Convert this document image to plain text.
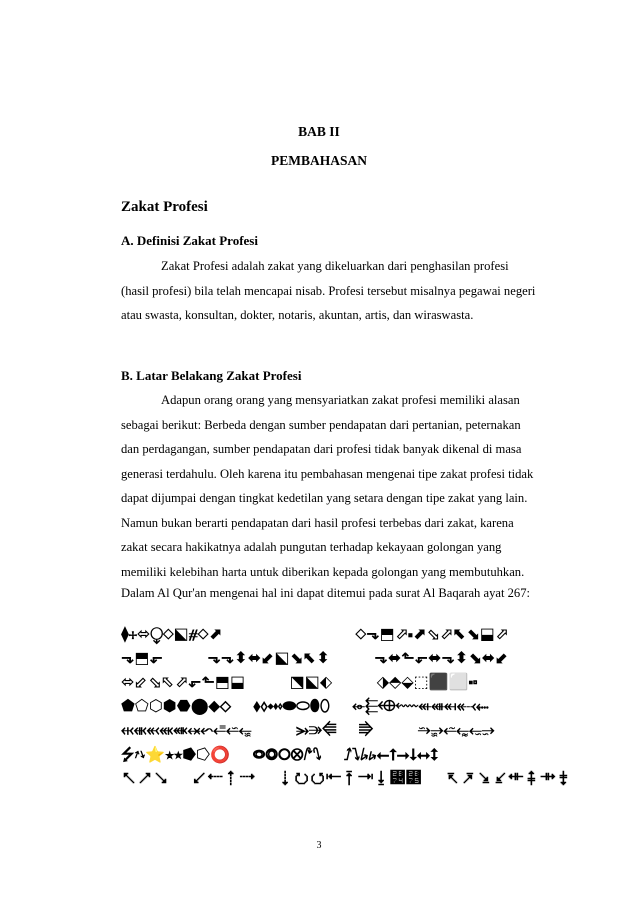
BAB II
PEMBAHASAN
Zakat Profesi
A. Definisi Zakat Profesi
Zakat Profesi adalah zakat yang dikeluarkan dari penghasilan profesi
(hasil profesi) bila telah mencapai nisab. Profesi tersebut misalnya pegawai negeri
atau swasta, konsultan, dokter, notaris, akuntan, artis, dan wiraswasta.
B. Latar Belakang Zakat Profesi
Adapun orang orang yang mensyariatkan zakat profesi memiliki alasan
sebagai berikut: Berbeda dengan sumber pendapatan dari pertanian, peternakan
dan perdagangan, sumber pendapatan dari profesi tidak banyak dikenal di masa
generasi terdahulu. Oleh karena itu pembahasan mengenai tipe zakat profesi tidak
dapat dijumpai dengan tingkat kedetilan yang setara dengan tipe zakat yang lain.
Namun bukan berarti pendapatan dari hasil profesi terbebas dari zakat, karena
zakat secara hakikatnya adalah pungutan terhadap kekayaan golongan yang
memiliki kelebihan harta untuk diberikan kepada golongan yang membutuhkan.
Dalam Al Qur'an mengenai hal ini dapat ditemui pada surat Al Baqarah ayat 267:
⧫⧾⬄⧬⬦⬕⧣⬦⬈                        ⬦⬎⬒⬀⬝⬈⬂⬀⬉⬊⬓⬀
⬎⬒⬐        ⬎⬎⬍⬌⬋⬕⬊⬉⬍        ⬎⬌⬑⬐⬌⬎⬍⬊⬌⬋
⬄⬃⬂⬁⬀⬐⬑⬒⬓        ⬔⬕⬖        ⬗⬘⬙⬚⬛⬜⬝⬞
⬟⬠⬡⬢⬣⬤⬥⬦    ⬧⬨⬩⬪⬫⬬⬭⬮⬯    ⬰⬱⬲⬳⬴⬵⬶⬷⬸
⬹⬺⬻⬼⬽⬾⬿⭀⭁⭂        ⭃⭄⭅    ⭆        ⭇⭈⭉⭊⭋⭌
⭍⭎⭏⭐⭑⭒⭓⭔⭕    ⭖⭗⭘⭙⭚⭛    ⭜⭝⭞⭟⭠⭡⭢⭣⭤⭥
⭦⭧⭨    ⭩⭪⭫⭬    ⭭⭮⭯⭰⭱⭲⭳⭴⭵    ⭶⭷⭸⭹⭺⭻⭼⭽
3
